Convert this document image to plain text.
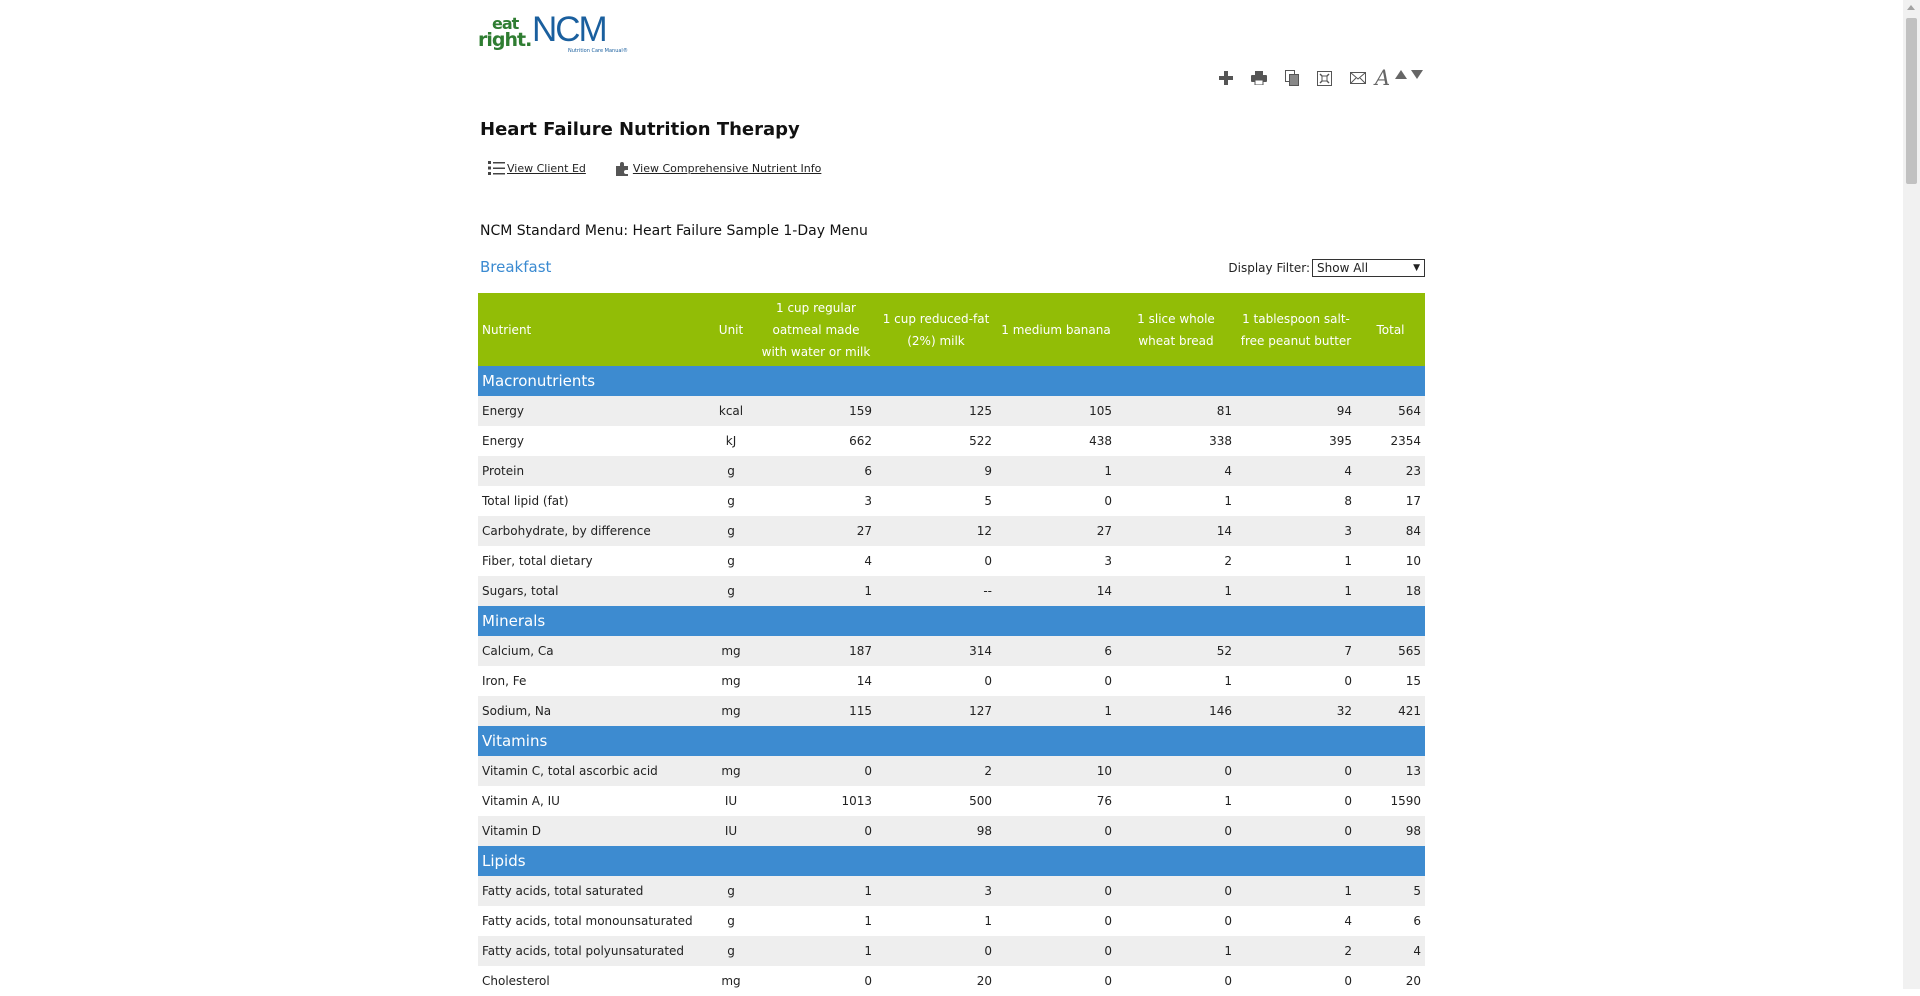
eat
right. NCM
Nutrition Care Manual®
A
Heart Failure Nutrition Therapy
View Client Ed	View Comprehensive Nutrient Info
NCM Standard Menu: Heart Failure Sample 1-Day Menu
Breakfast	Display Filter: Show All	▼
Nutrient	Unit	1 cup regular oatmeal made with water or milk	1 cup reduced-fat (2%) milk	1 medium banana	1 slice whole wheat bread	1 tablespoon salt-free peanut butter	Total
Macronutrients							
Energy	kcal	159	125	105	81	94	564
Energy	kJ	662	522	438	338	395	2354
Protein	g	6	9	1	4	4	23
Total lipid (fat)	g	3	5	0	1	8	17
Carbohydrate, by difference	g	27	12	27	14	3	84
Fiber, total dietary	g	4	0	3	2	1	10
Sugars, total	g	1	--	14	1	1	18
Minerals							
Calcium, Ca	mg	187	314	6	52	7	565
Iron, Fe	mg	14	0	0	1	0	15
Sodium, Na	mg	115	127	1	146	32	421
Vitamins							
Vitamin C, total ascorbic acid	mg	0	2	10	0	0	13
Vitamin A, IU	IU	1013	500	76	1	0	1590
Vitamin D	IU	0	98	0	0	0	98
Lipids							
Fatty acids, total saturated	g	1	3	0	0	1	5
Fatty acids, total monounsaturated	g	1	1	0	0	4	6
Fatty acids, total polyunsaturated	g	1	0	0	1	2	4
Cholesterol	mg	0	20	0	0	0	20
